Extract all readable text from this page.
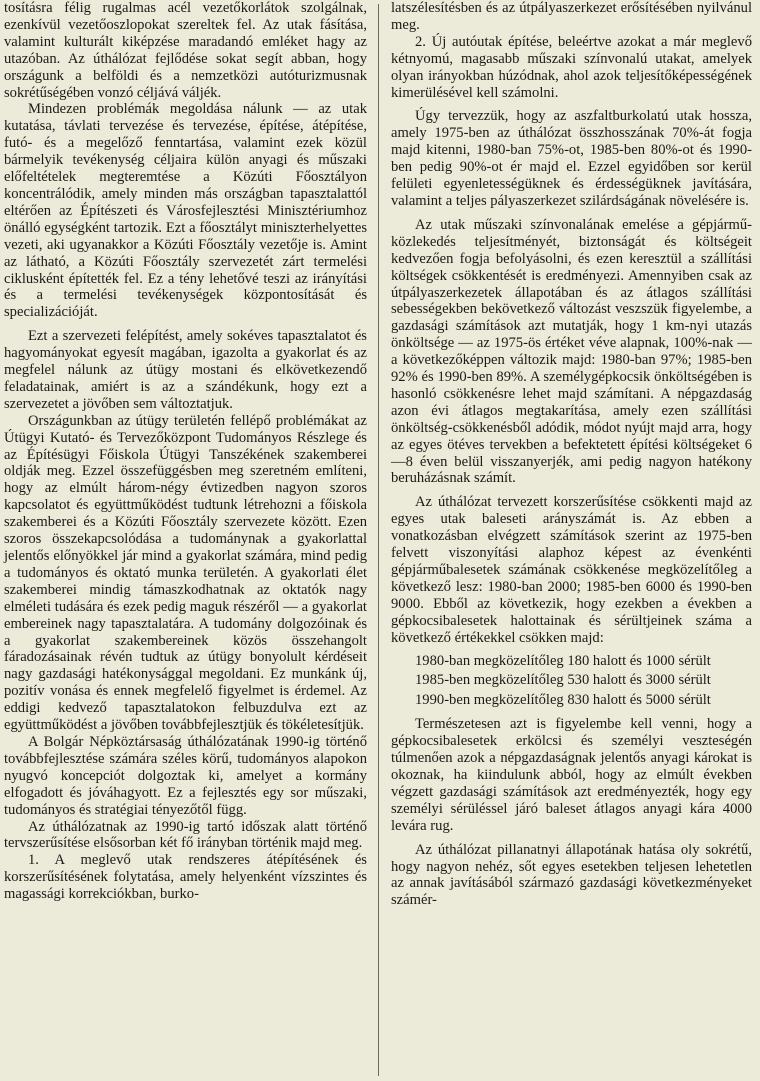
tosításra félig rugalmas acél vezetőkorlátok szolgálnak, ezenkívül vezetőoszlopokat szereltek fel. Az utak fásítása, valamint kulturált kiképzése maradandó emléket hagy az utazóban. Az úthálózat fejlődése sokat segít abban, hogy országunk a belföldi és a nemzetközi autóturizmusnak sokrétűségében vonzó céljává váljék.

Mindezen problémák megoldása nálunk — az utak kutatása, távlati tervezése és tervezése, építése, átépítése, futó- és a megelőző fenntartása, valamint ezek közül bármelyik tevékenység céljaira külön anyagi és műszaki előfeltételek megteremtése a Közúti Főosztályon koncentrálódik, amely minden más országban tapasztalattól eltérően az Építészeti és Városfejlesztési Minisztériumhoz önálló egységként tartozik. Ezt a főosztályt miniszterhelyettes vezeti, aki ugyanakkor a Közúti Főosztály vezetője is. Amint az látható, a Közúti Főosztály szervezetét zárt termelési ciklusként építették fel. Ez a tény lehetővé teszi az irányítási és a termelési tevékenységek központosítását és specializációját.

Ezt a szervezeti felépítést, amely sokéves tapasztalatot és hagyományokat egyesít magában, igazolta a gyakorlat és az megfelel nálunk az útügy mostani és elkövetkezendő feladatainak, amiért is az a szándékunk, hogy ezt a szervezetet a jövőben sem változtatjuk.

Országunkban az útügy területén fellépő problémákat az Útügyi Kutató- és Tervezőközpont Tudományos Részlege és az Építésügyi Főiskola Útügyi Tanszékének szakemberei oldják meg. Ezzel összefüggésben meg szeretném említeni, hogy az elmúlt három-négy évtizedben nagyon szoros kapcsolatot és együttműködést tudtunk létrehozni a főiskola szakemberei és a Közúti Főosztály szervezete között. Ezen szoros összekapcsolódása a tudománynak a gyakorlattal jelentős előnyökkel jár mind a gyakorlat számára, mind pedig a tudományos és oktató munka területén. A gyakorlati élet szakemberei mindig támaszkodhatnak az oktatók nagy elméleti tudására és ezek pedig maguk részéről — a gyakorlat embereinek nagy tapasztalatára. A tudomány dolgozóinak és a gyakorlat szakembereinek közös összehangolt fáradozásainak révén tudtuk az útügy bonyolult kérdéseit nagy gazdasági hatékonysággal megoldani. Ez munkánk új, pozitív vonása és ennek megfelelő figyelmet is érdemel. Az eddigi kedvező tapasztalatokon felbuzdulva ezt az együttműködést a jövőben továbbfejlesztjük és tökéletesítjük.

A Bolgár Népköztársaság úthálózatának 1990-ig történő továbbfejlesztése számára széles körű, tudományos alapokon nyugvó koncepciót dolgoztak ki, amelyet a kormány elfogadott és jóváhagyott. Ez a fejlesztés egy sor műszaki, tudományos és stratégiai tényezőtől függ.

Az úthálózatnak az 1990-ig tartó időszak alatt történő tervszerűsítése elsősorban két fő irányban történik majd meg.

1. A meglevő utak rendszeres átépítésének és korszerűsítésének folytatása, amely helyenként vízszintes és magassági korrekciókban, burko-

latszélesítésben és az útpályaszerkezet erősítésében nyilvánul meg.

2. Új autóutak építése, beleértve azokat a már meglevő kétnyomú, magasabb műszaki színvonalú utakat, amelyek olyan irányokban húzódnak, ahol azok teljesítőképességének kimerülésével kell számolni.

Úgy tervezzük, hogy az aszfaltburkolatú utak hossza, amely 1975-ben az úthálózat összhosszának 70%-át fogja majd kitenni, 1980-ban 75%-ot, 1985-ben 80%-ot és 1990-ben pedig 90%-ot ér majd el. Ezzel egyidőben sor kerül felületi egyenletességüknek és érdességüknek javítására, valamint a teljes pályaszerkezet szilárdságának növelésére is.

Az utak műszaki színvonalának emelése a gépjármű-közlekedés teljesítményét, biztonságát és költségeit kedvezően fogja befolyásolni, és ezen keresztül a szállítási költségek csökkentését is eredményezi. Amennyiben csak az útpályaszerkezetek állapotában és az átlagos szállítási sebességekben bekövetkező változást veszszük figyelembe, a gazdasági számítások azt mutatják, hogy 1 km-nyi utazás önköltsége — az 1975-ös értéket véve alapnak, 100%-nak — a következőképpen változik majd: 1980-ban 97%; 1985-ben 92% és 1990-ben 89%. A személygépkocsik önköltségében is hasonló csökkenésre lehet majd számítani. A népgazdaság azon évi átlagos megtakarítása, amely ezen szállítási önköltség-csökkenésből adódik, módot nyújt majd arra, hogy az egyes ötéves tervekben a befektetett építési költségeket 6—8 éven belül visszanyerjék, ami pedig nagyon hatékony beruházásnak számít.

Az úthálózat tervezett korszerűsítése csökkenti majd az egyes utak baleseti arányszámát is. Az ebben a vonatkozásban elvégzett számítások szerint az 1975-ben felvett viszonyítási alaphoz képest az évenkénti gépjárműbalesetek számának csökkenése megközelítőleg a következő lesz: 1980-ban 2000; 1985-ben 6000 és 1990-ben 9000. Ebből az következik, hogy ezekben a években a gépkocsibalesetek halottainak és sérültjeinek száma a következő értékekkel csökken majd:

1980-ban megközelítőleg 180 halott és 1000 sérült

1985-ben megközelítőleg 530 halott és 3000 sérült

1990-ben megközelítőleg 830 halott és 5000 sérült

Természetesen azt is figyelembe kell venni, hogy a gépkocsibalesetek erkölcsi és személyi veszteségén túlmenően azok a népgazdaságnak jelentős anyagi károkat is okoznak, ha kiindulunk abból, hogy az elmúlt években végzett gazdasági számítások azt eredményezték, hogy egy személyi sérüléssel járó baleset átlagos anyagi kára 4000 levára rug.

Az úthálózat pillanatnyi állapotának hatása oly sokrétű, hogy nagyon nehéz, sőt egyes esetekben teljesen lehetetlen az annak javításából származó gazdasági következményeket számér-
